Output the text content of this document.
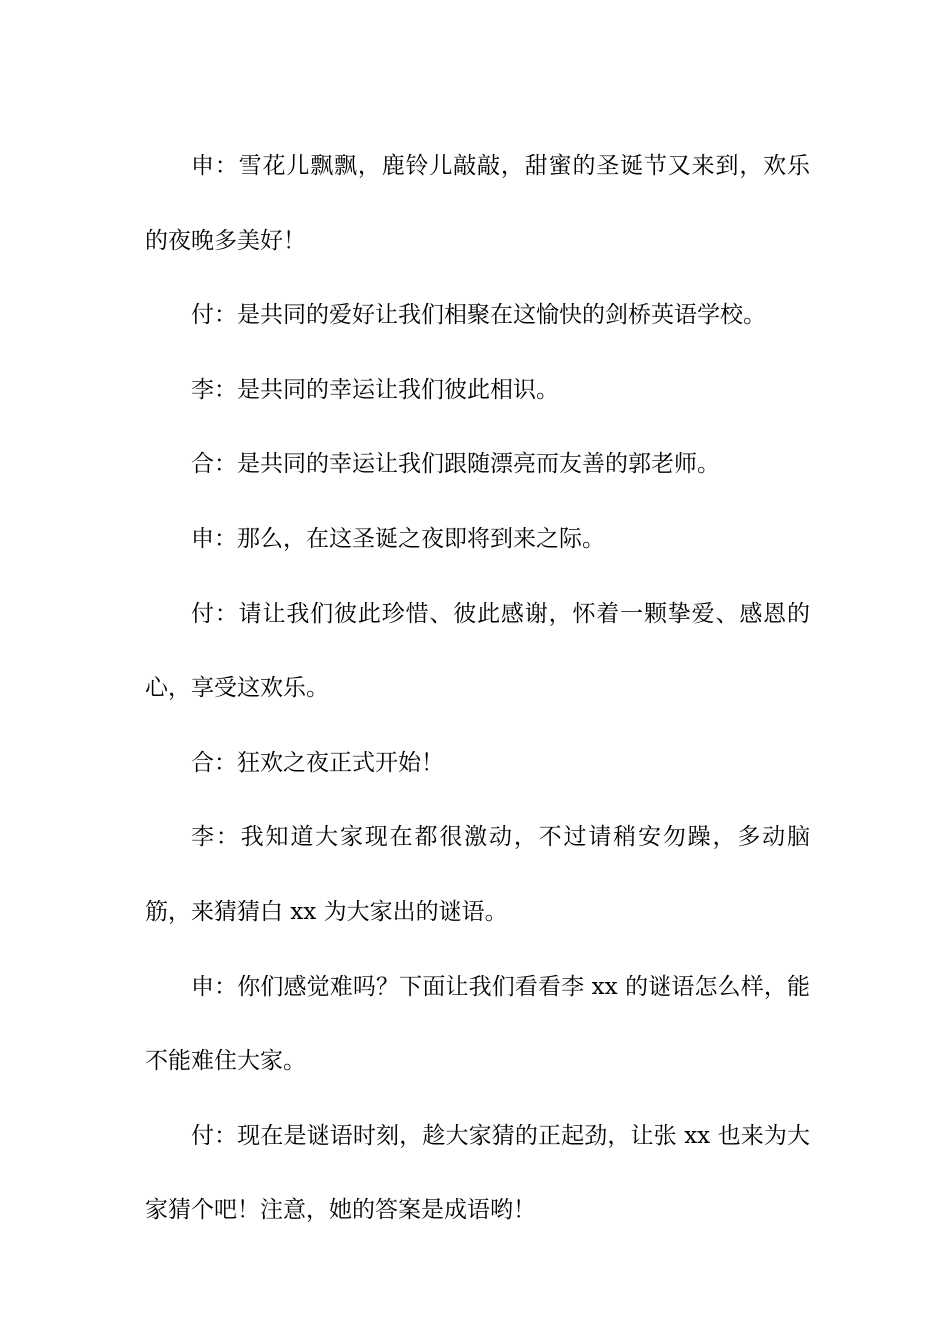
申：雪花儿飘飘，鹿铃儿敲敲，甜蜜的圣诞节又来到，欢乐的夜晚多美好！

付：是共同的爱好让我们相聚在这愉快的剑桥英语学校。

李：是共同的幸运让我们彼此相识。

合：是共同的幸运让我们跟随漂亮而友善的郭老师。

申：那么，在这圣诞之夜即将到来之际。

付：请让我们彼此珍惜、彼此感谢，怀着一颗挚爱、感恩的心，享受这欢乐。

合：狂欢之夜正式开始！

李：我知道大家现在都很激动，不过请稍安勿躁，多动脑筋，来猜猜白 xx 为大家出的谜语。

申：你们感觉难吗？下面让我们看看李 xx 的谜语怎么样，能不能难住大家。

付：现在是谜语时刻，趁大家猜的正起劲，让张 xx 也来为大家猜个吧！注意，她的答案是成语哟！
